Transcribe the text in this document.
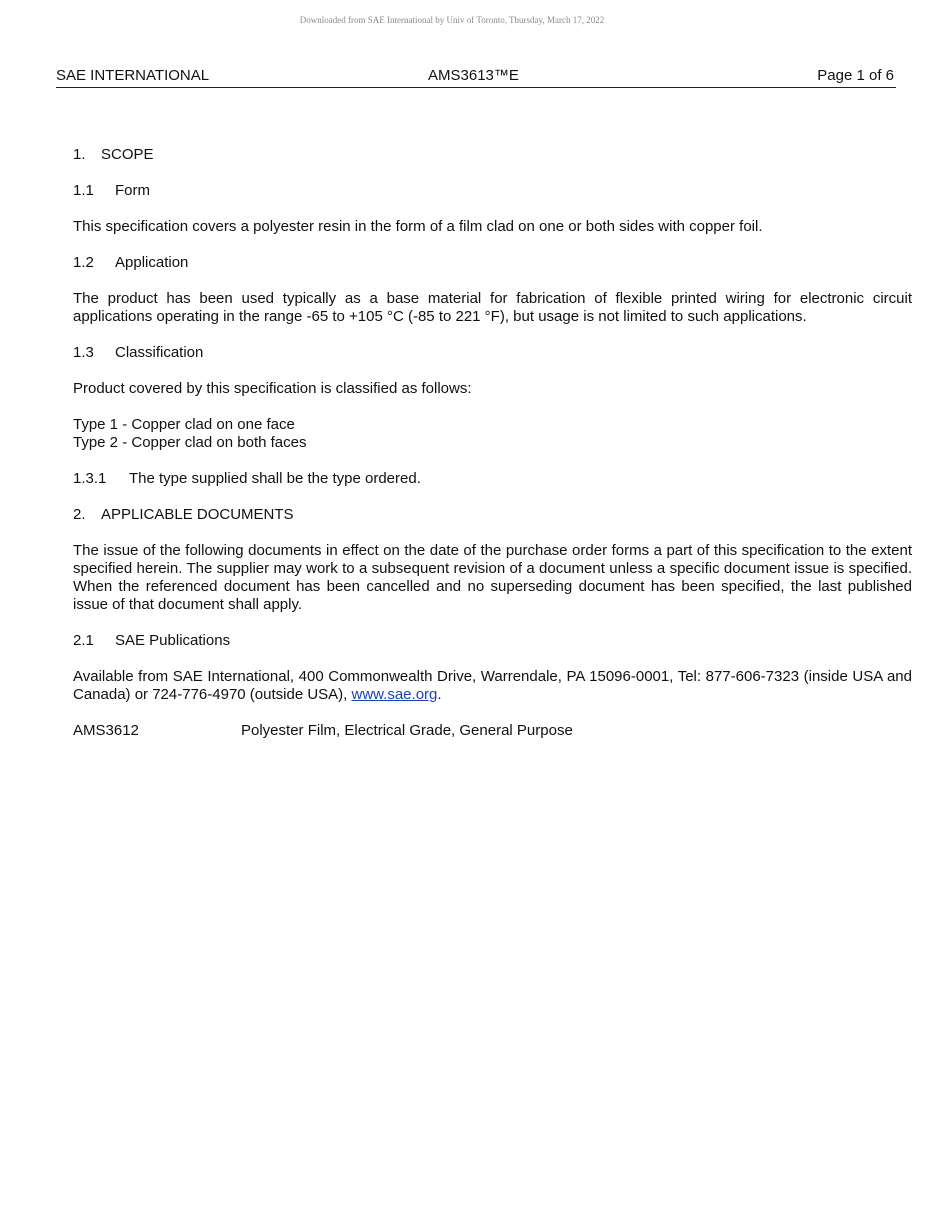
Downloaded from SAE International by Univ of Toronto, Thursday, March 17, 2022
SAE INTERNATIONAL	AMS3613™E	Page 1 of 6
1. SCOPE
1.1 Form
This specification covers a polyester resin in the form of a film clad on one or both sides with copper foil.
1.2 Application
The product has been used typically as a base material for fabrication of flexible printed wiring for electronic circuit applications operating in the range -65 to +105 °C (-85 to 221 °F), but usage is not limited to such applications.
1.3 Classification
Product covered by this specification is classified as follows:
Type 1 - Copper clad on one face
Type 2 - Copper clad on both faces
1.3.1 The type supplied shall be the type ordered.
2. APPLICABLE DOCUMENTS
The issue of the following documents in effect on the date of the purchase order forms a part of this specification to the extent specified herein. The supplier may work to a subsequent revision of a document unless a specific document issue is specified. When the referenced document has been cancelled and no superseding document has been specified, the last published issue of that document shall apply.
2.1 SAE Publications
Available from SAE International, 400 Commonwealth Drive, Warrendale, PA 15096-0001, Tel: 877-606-7323 (inside USA and Canada) or 724-776-4970 (outside USA), www.sae.org.
AMS3612	Polyester Film, Electrical Grade, General Purpose
